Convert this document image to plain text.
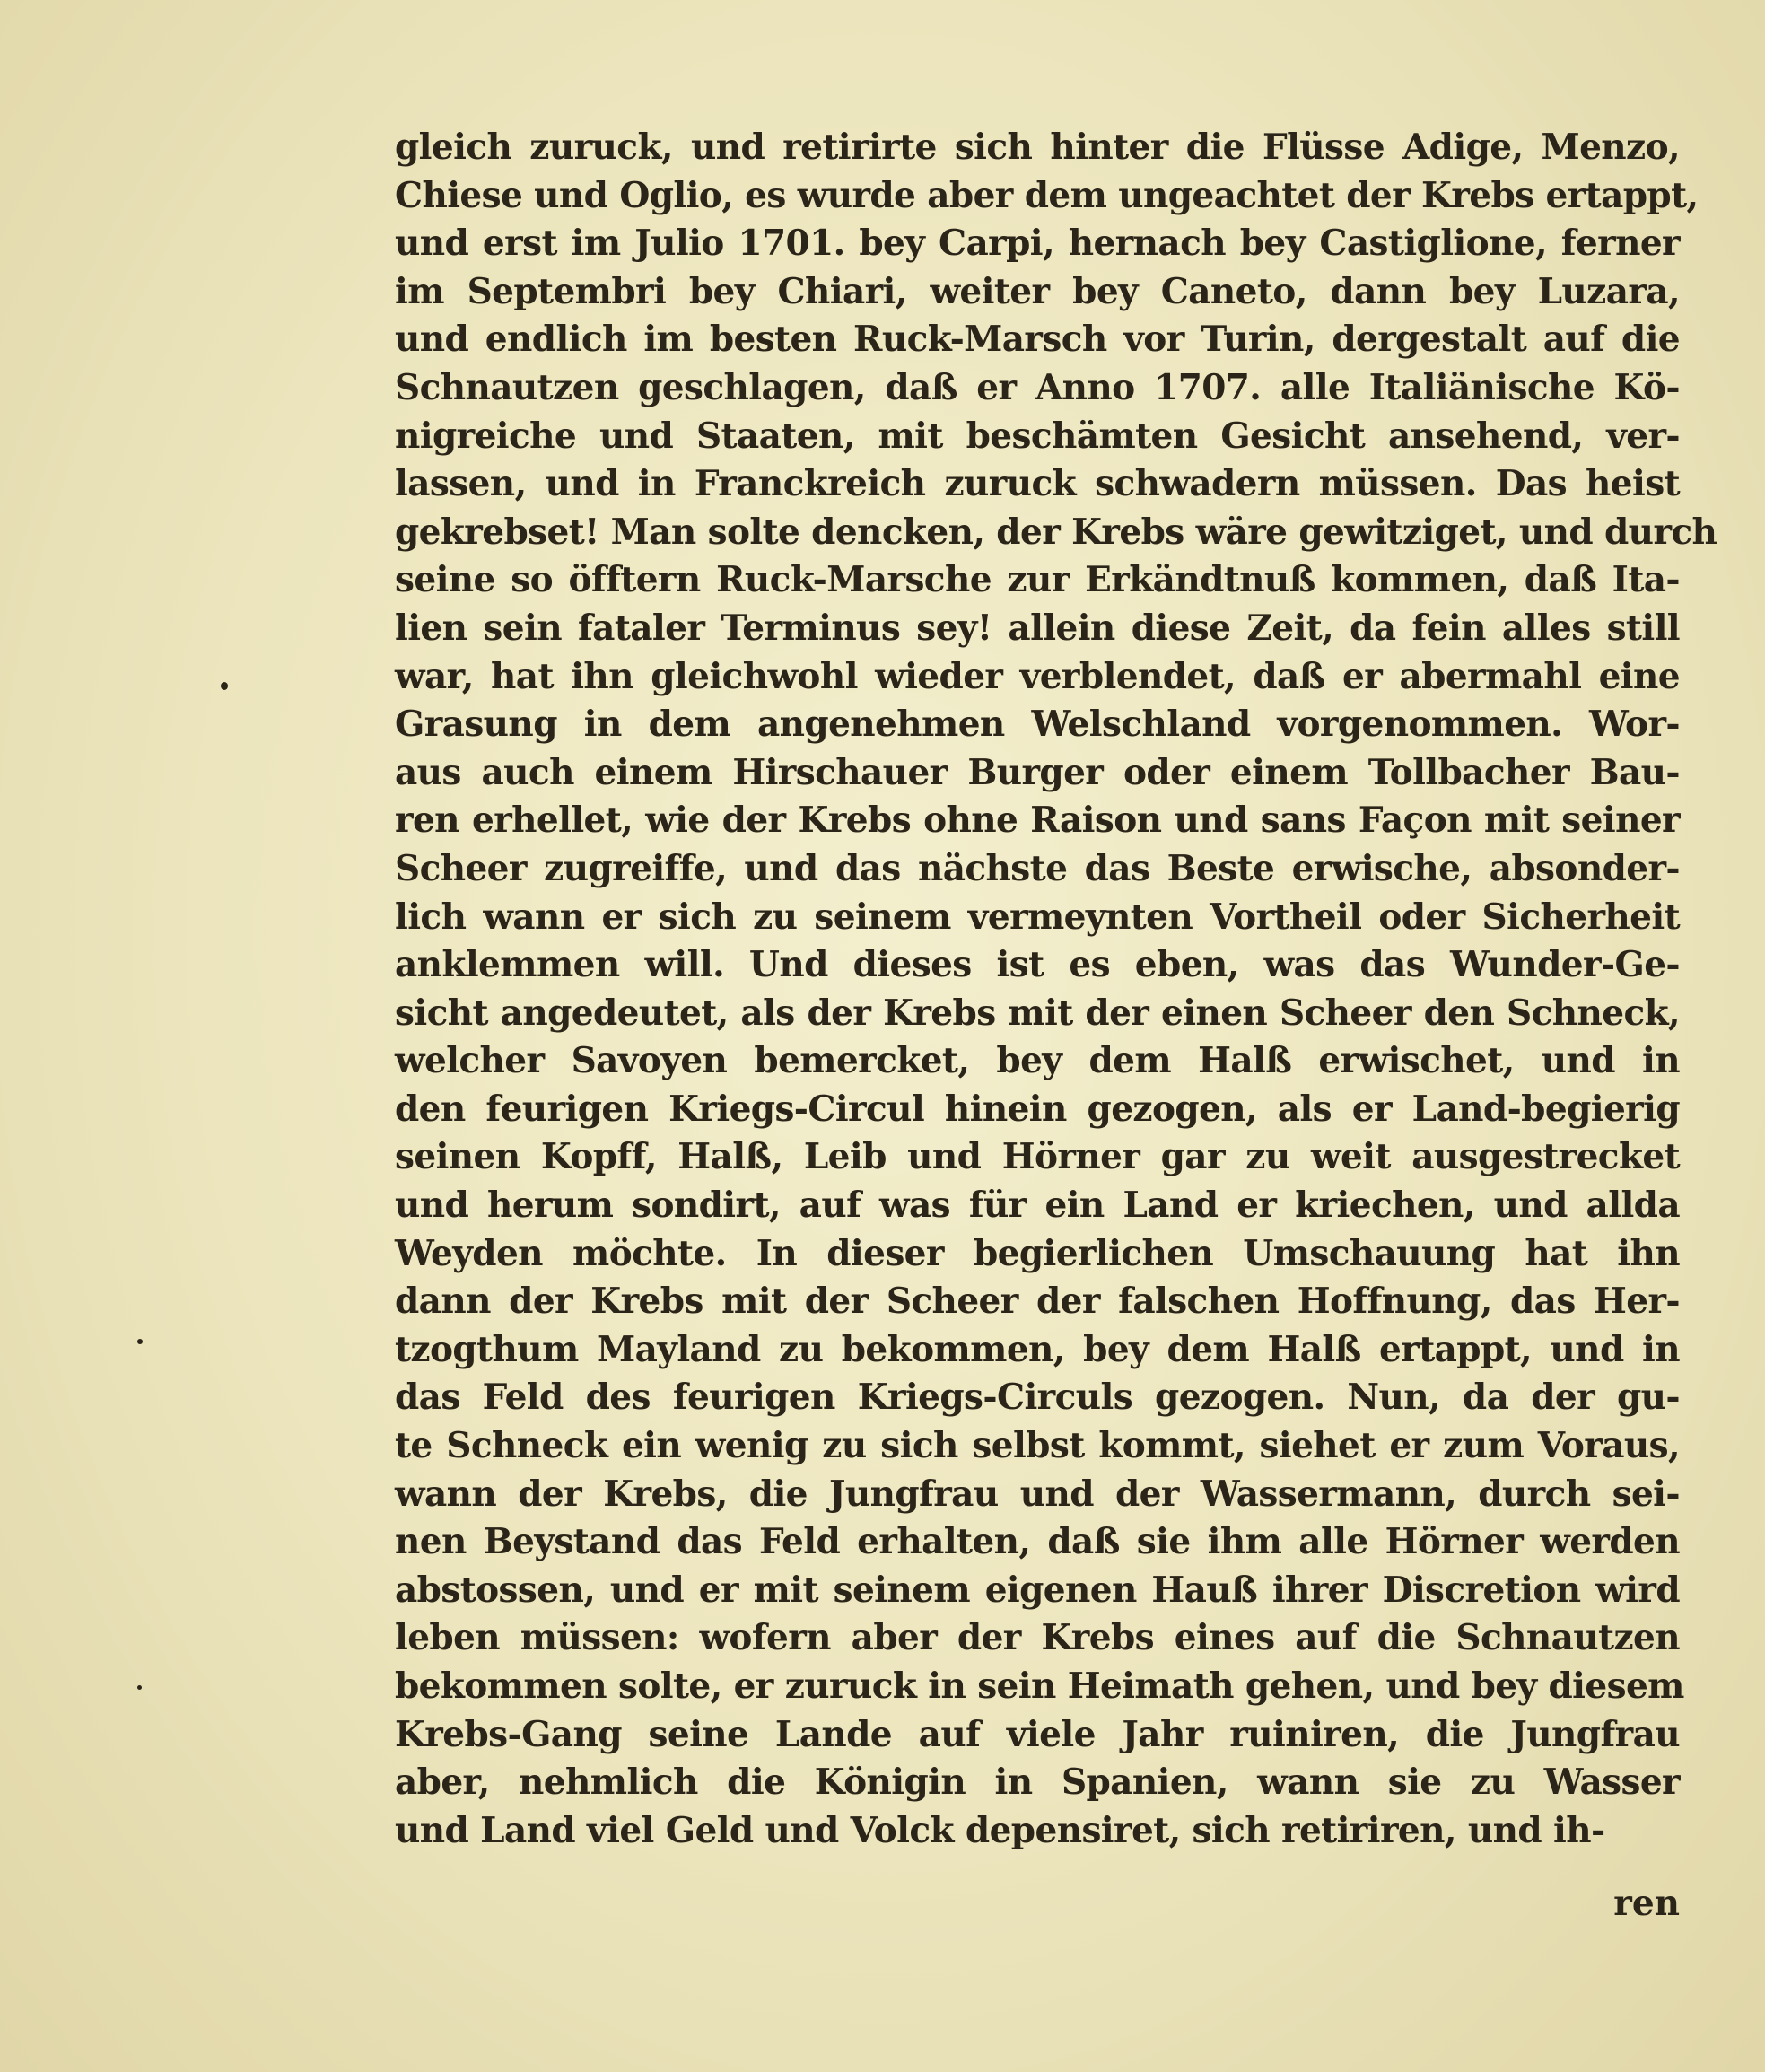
gleich zuruck, und retirirte sich hinter die Flüsse Adige, Menzo,
Chiese und Oglio, es wurde aber dem ungeachtet der Krebs ertappt,
und erst im Julio 1701. bey Carpi, hernach bey Castiglione, ferner
im Septembri bey Chiari, weiter bey Caneto, dann bey Luzara,
und endlich im besten Ruck-Marsch vor Turin, dergestalt auf die
Schnautzen geschlagen, daß er Anno 1707. alle Italiänische Kö-
nigreiche und Staaten, mit beschämten Gesicht ansehend, ver-
lassen, und in Franckreich zuruck schwadern müssen. Das heist
gekrebset! Man solte dencken, der Krebs wäre gewitziget, und durch
seine so öfftern Ruck-Marsche zur Erkändtnuß kommen, daß Ita-
lien sein fataler Terminus sey! allein diese Zeit, da fein alles still
war, hat ihn gleichwohl wieder verblendet, daß er abermahl eine
Grasung in dem angenehmen Welschland vorgenommen. Wor-
aus auch einem Hirschauer Burger oder einem Tollbacher Bau-
ren erhellet, wie der Krebs ohne Raison und sans Façon mit seiner
Scheer zugreiffe, und das nächste das Beste erwische, absonder-
lich wann er sich zu seinem vermeynten Vortheil oder Sicherheit
anklemmen will. Und dieses ist es eben, was das Wunder-Ge-
sicht angedeutet, als der Krebs mit der einen Scheer den Schneck,
welcher Savoyen bemercket, bey dem Halß erwischet, und in
den feurigen Kriegs-Circul hinein gezogen, als er Land-begierig
seinen Kopff, Halß, Leib und Hörner gar zu weit ausgestrecket
und herum sondirt, auf was für ein Land er kriechen, und allda
Weyden möchte. In dieser begierlichen Umschauung hat ihn
dann der Krebs mit der Scheer der falschen Hoffnung, das Her-
tzogthum Mayland zu bekommen, bey dem Halß ertappt, und in
das Feld des feurigen Kriegs-Circuls gezogen. Nun, da der gu-
te Schneck ein wenig zu sich selbst kommt, siehet er zum Voraus,
wann der Krebs, die Jungfrau und der Wassermann, durch sei-
nen Beystand das Feld erhalten, daß sie ihm alle Hörner werden
abstossen, und er mit seinem eigenen Hauß ihrer Discretion wird
leben müssen: wofern aber der Krebs eines auf die Schnautzen
bekommen solte, er zuruck in sein Heimath gehen, und bey diesem
Krebs-Gang seine Lande auf viele Jahr ruiniren, die Jungfrau
aber, nehmlich die Königin in Spanien, wann sie zu Wasser
und Land viel Geld und Volck depensiret, sich retiriren, und ih-
ren
